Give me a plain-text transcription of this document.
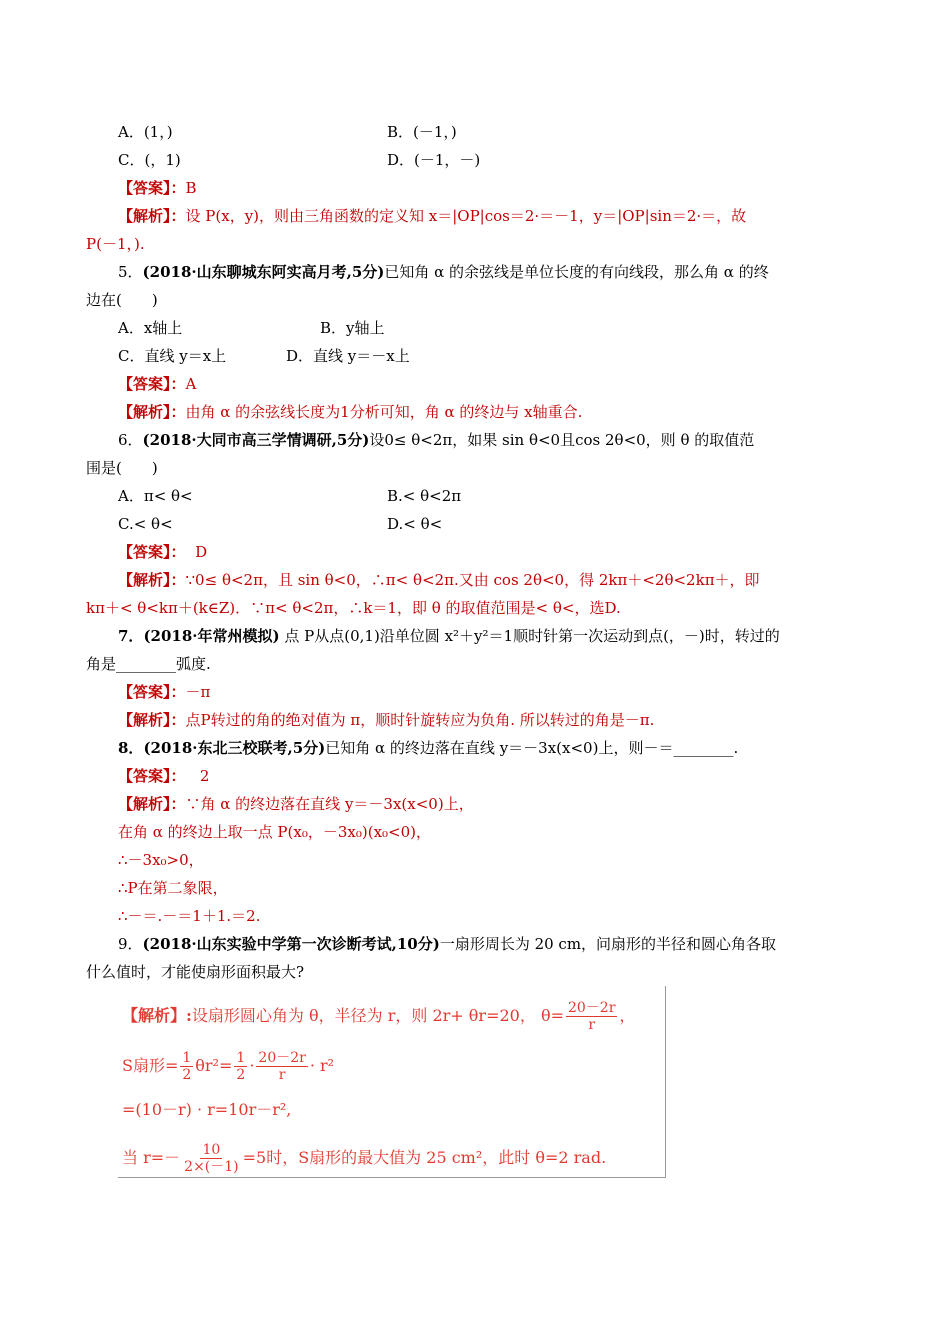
A．(1，)	B．(－1，)
C．(，1)	D．(－1，－)
【答案】：B
【解析】：设 P(x，y)，则由三角函数的定义知 x＝|OP|cos＝2·＝－1，y＝|OP|sin＝2·＝，故
P(－1，).
5．(2018·山东聊城东阿实高月考,5分)已知角 α 的余弦线是单位长度的有向线段，那么角 α 的终
边在(　　)
A．x轴上	B．y轴上
C．直线 y＝x上	D．直线 y＝－x上
【答案】：A
【解析】：由角 α 的余弦线长度为1分析可知，角 α 的终边与 x轴重合.
6．(2018·大同市高三学情调研,5分)设0≤ θ<2π，如果 sin θ<0且cos 2θ<0，则 θ 的取值范
围是(　　)
A．π< θ<	B.< θ<2π
C.< θ<	D.< θ<
【答案】： D
【解析】：∵0≤ θ<2π，且 sin θ<0，∴π< θ<2π.又由 cos 2θ<0，得 2kπ＋<2θ<2kπ＋，即
kπ＋< θ<kπ＋(k∈Z)．∵π< θ<2π，∴k＝1，即 θ 的取值范围是< θ<，选D.
7．(2018·年常州模拟) 点 P从点(0,1)沿单位圆 x²＋y²＝1顺时针第一次运动到点(，－)时，转过的
角是________弧度.
【答案】：－π
【解析】：点P转过的角的绝对值为 π，顺时针旋转应为负角. 所以转过的角是－π.
8．(2018·东北三校联考,5分)已知角 α 的终边落在直线 y＝－3x(x<0)上，则－＝________.
【答案】： 2
【解析】：∵角 α 的终边落在直线 y＝－3x(x<0)上，
在角 α 的终边上取一点 P(x₀，－3x₀)(x₀<0)，
∴－3x₀>0，
∴P在第二象限，
∴－＝.－＝1＋1.＝2.
9．(2018·山东实验中学第一次诊断考试,10分)一扇形周长为 20 cm，问扇形的半径和圆心角各取
什么值时，才能使扇形面积最大?
【解析】:设扇形圆心角为 θ，半径为 r，则 2r+ θr=20， $\theta= \frac{20-2r}{r}$ ，
S扇形= $\frac{1}{2} \theta r^2= \frac{1}{2} \cdot \frac{20-2r}{r} \cdot r^2$
=(10－r) · r=10r－r²,
当 $r=- \frac{10}{2\times(-1)} =5$时，S扇形的最大值为 25 cm²，此时 θ=2 rad.
